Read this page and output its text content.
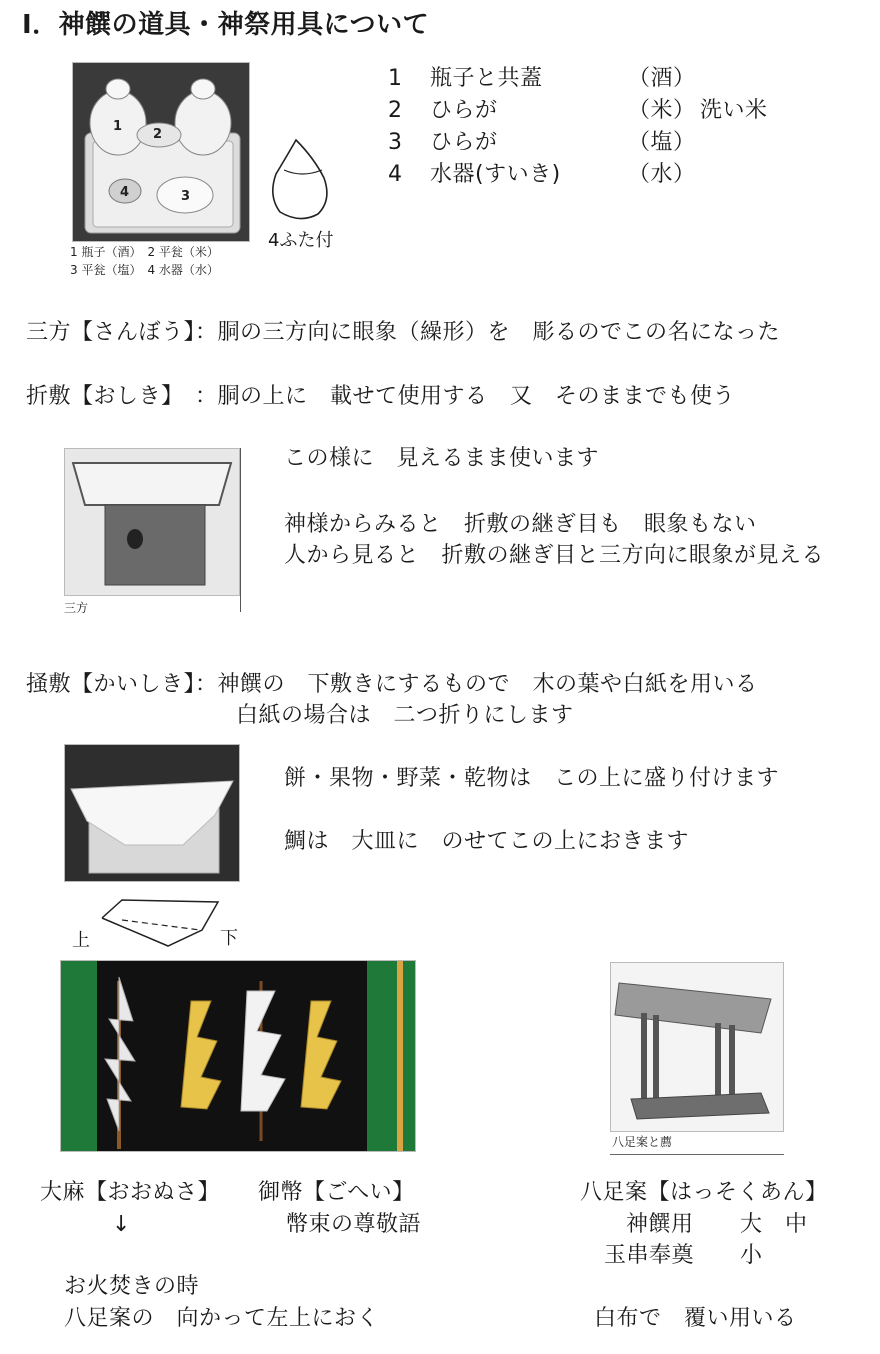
Ⅰ．神饌の道具・神祭用具について
1
2
3
4
1 瓶子（酒）　2 平瓮（米）
3 平瓮（塩）　4 水器（水）
4ふた付
1 瓶子と共蓋	（酒）
2 ひらが	（米） 洗い米
3 ひらが	（塩）
4 水器(すいき)	（水）
三方【さんぼう】：胴の三方向に眼象（繰形）を　彫るのでこの名になった
折敷【おしき】　：胴の上に　載せて使用する　又　そのままでも使う
三方
この様に　見えるまま使います
神様からみると　折敷の継ぎ目も　眼象もない
人から見ると　折敷の継ぎ目と三方向に眼象が見える
掻敷【かいしき】：神饌の　下敷きにするもので　木の葉や白紙を用いる
白紙の場合は　二つ折りにします
餅・果物・野菜・乾物は　この上に盛り付けます
鯛は　大皿に　のせてこの上におきます
上	下
八足案と薦
大麻【おおぬさ】
↓
御幣【ごへい】
幣束の尊敬語
八足案【はっそくあん】
神饌用 大　中
玉串奉奠 小
お火焚きの時
八足案の　向かって左上におく	白布で　覆い用いる
